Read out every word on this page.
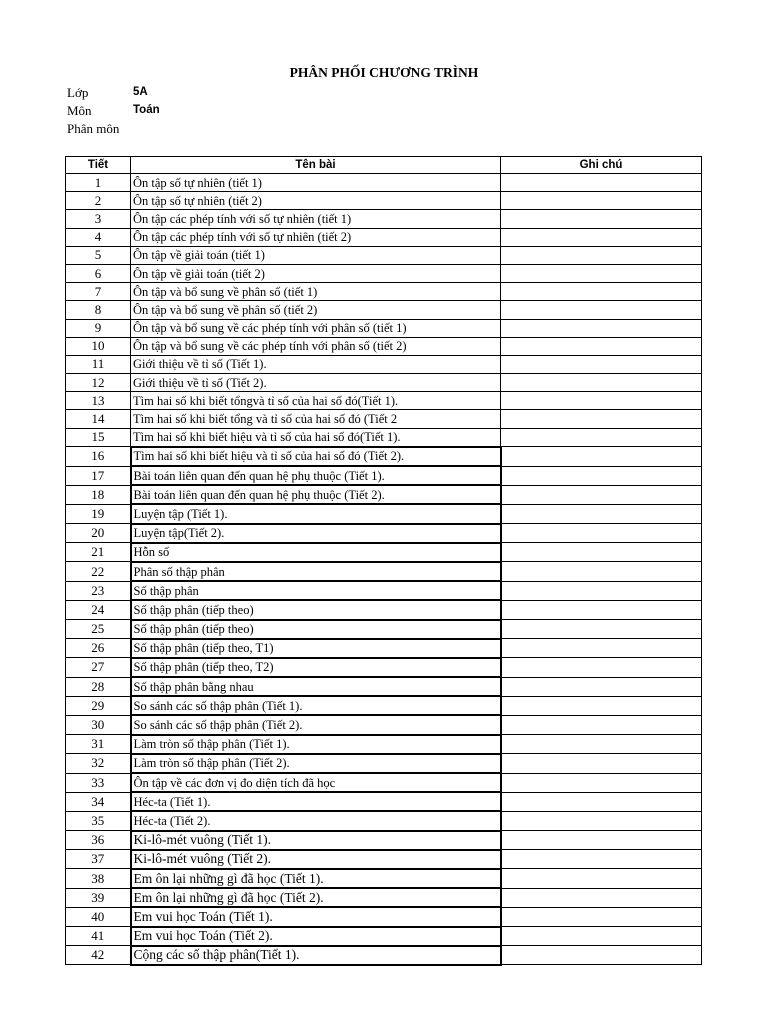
PHÂN PHỐI CHƯƠNG TRÌNH
Lớp	5A
Môn	Toán
Phân môn
Tiết	Tên bài	Ghi chú
1	Ôn tập số tự nhiên (tiết 1)	
2	Ôn tập số tự nhiên (tiết 2)	
3	Ôn tập các phép tính với số tự nhiên (tiết 1)	
4	Ôn tập các phép tính với số tự nhiên (tiết 2)	
5	Ôn tập về giải toán (tiết 1)	
6	Ôn tập về giải toán (tiết 2)	
7	Ôn tập và bổ sung về phân số (tiết 1)	
8	Ôn tập và bổ sung về phân số (tiết 2)	
9	Ôn tập và bổ sung về các phép tính với phân số (tiết 1)	
10	Ôn tập và bổ sung về các phép tính với phân số (tiết 2)	
11	Giới thiệu về tỉ số (Tiết 1).	
12	Giới thiệu về tỉ số (Tiết 2).	
13	Tìm hai số khi biết tổngvà tỉ số của hai số đó(Tiết 1).	
14	Tìm hai số khi biết tổng và tỉ số của hai số đó (Tiết 2	
15	Tìm hai số khi biết hiệu và tỉ số của hai số đó(Tiết 1).	
16	Tìm hai số khi biết hiệu và tỉ số của hai số đó (Tiết 2).	
17	Bài toán liên quan đến quan hệ phụ thuộc (Tiết 1).	
18	Bài toán liên quan đến quan hệ phụ thuộc (Tiết 2).	
19	Luyện tập (Tiết 1).	
20	Luyện tập(Tiết 2).	
21	Hỗn số	
22	Phân số thập phân	
23	Số thập phân	
24	Số thập phân (tiếp theo)	
25	Số thập phân (tiếp theo)	
26	Số thập phân (tiếp theo, T1)	
27	Số thập phân (tiếp theo, T2)	
28	Số thập phân bằng nhau	
29	So sánh các số thập phân (Tiết 1).	
30	So sánh các số thập phân (Tiết 2).	
31	Làm tròn số thập phân (Tiết 1).	
32	Làm tròn số thập phân (Tiết 2).	
33	Ôn tập về các đơn vị đo diện tích đã học	
34	Héc-ta (Tiết 1).	
35	Héc-ta (Tiết 2).	
36	Ki-lô-mét vuông (Tiết 1).	
37	Ki-lô-mét vuông (Tiết 2).	
38	Em ôn lại những gì đã học (Tiết 1).	
39	Em ôn lại những gì đã học (Tiết 2).	
40	Em vui học Toán (Tiết 1).	
41	Em vui học Toán (Tiết 2).	
42	Cộng các số thập phân(Tiết 1).	
